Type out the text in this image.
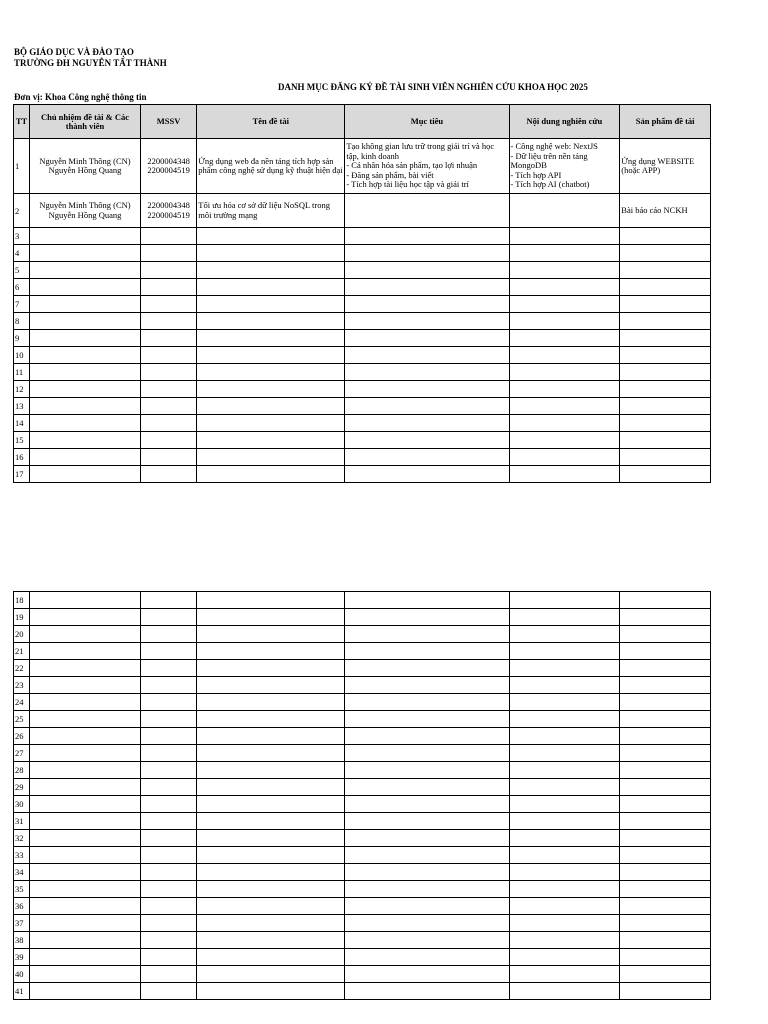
BỘ GIÁO DỤC VÀ ĐÀO TẠO
TRƯỜNG ĐH NGUYỄN TẤT THÀNH
DANH MỤC ĐĂNG KÝ ĐỀ TÀI SINH VIÊN NGHIÊN CỨU KHOA HỌC 2025
Đơn vị: Khoa Công nghệ thông tin
TT	Chủ nhiệm đề tài & Các thành viên	MSSV	Tên đề tài	Mục tiêu	Nội dung nghiên cứu	Sản phẩm đề tài
1	Nguyễn Minh Thông (CN)
Nguyễn Hồng Quang	2200004348
2200004519	Ứng dụng web đa nền tảng tích hợp sản phẩm công nghệ sử dụng kỹ thuật hiện đại	Tạo không gian lưu trữ trong giải trí và học tập, kinh doanh
- Cá nhân hóa sản phẩm, tạo lợi nhuận
- Đăng sản phẩm, bài viết
- Tích hợp tài liệu học tập và giải trí	- Công nghệ web: NextJS
- Dữ liệu trên nền tảng MongoDB
- Tích hợp API
- Tích hợp AI (chatbot)	Ứng dụng WEBSITE (hoặc APP)
2	Nguyễn Minh Thông (CN)
Nguyễn Hồng Quang	2200004348
2200004519	Tối ưu hóa cơ sở dữ liệu NoSQL trong môi trường mạng			Bài báo cáo NCKH
3						
4						
5						
6						
7						
8						
9						
10						
11						
12						
13						
14						
15						
16						
17						
18						
19						
20						
21						
22						
23						
24						
25						
26						
27						
28						
29						
30						
31						
32						
33						
34						
35						
36						
37						
38						
39						
40						
41						
